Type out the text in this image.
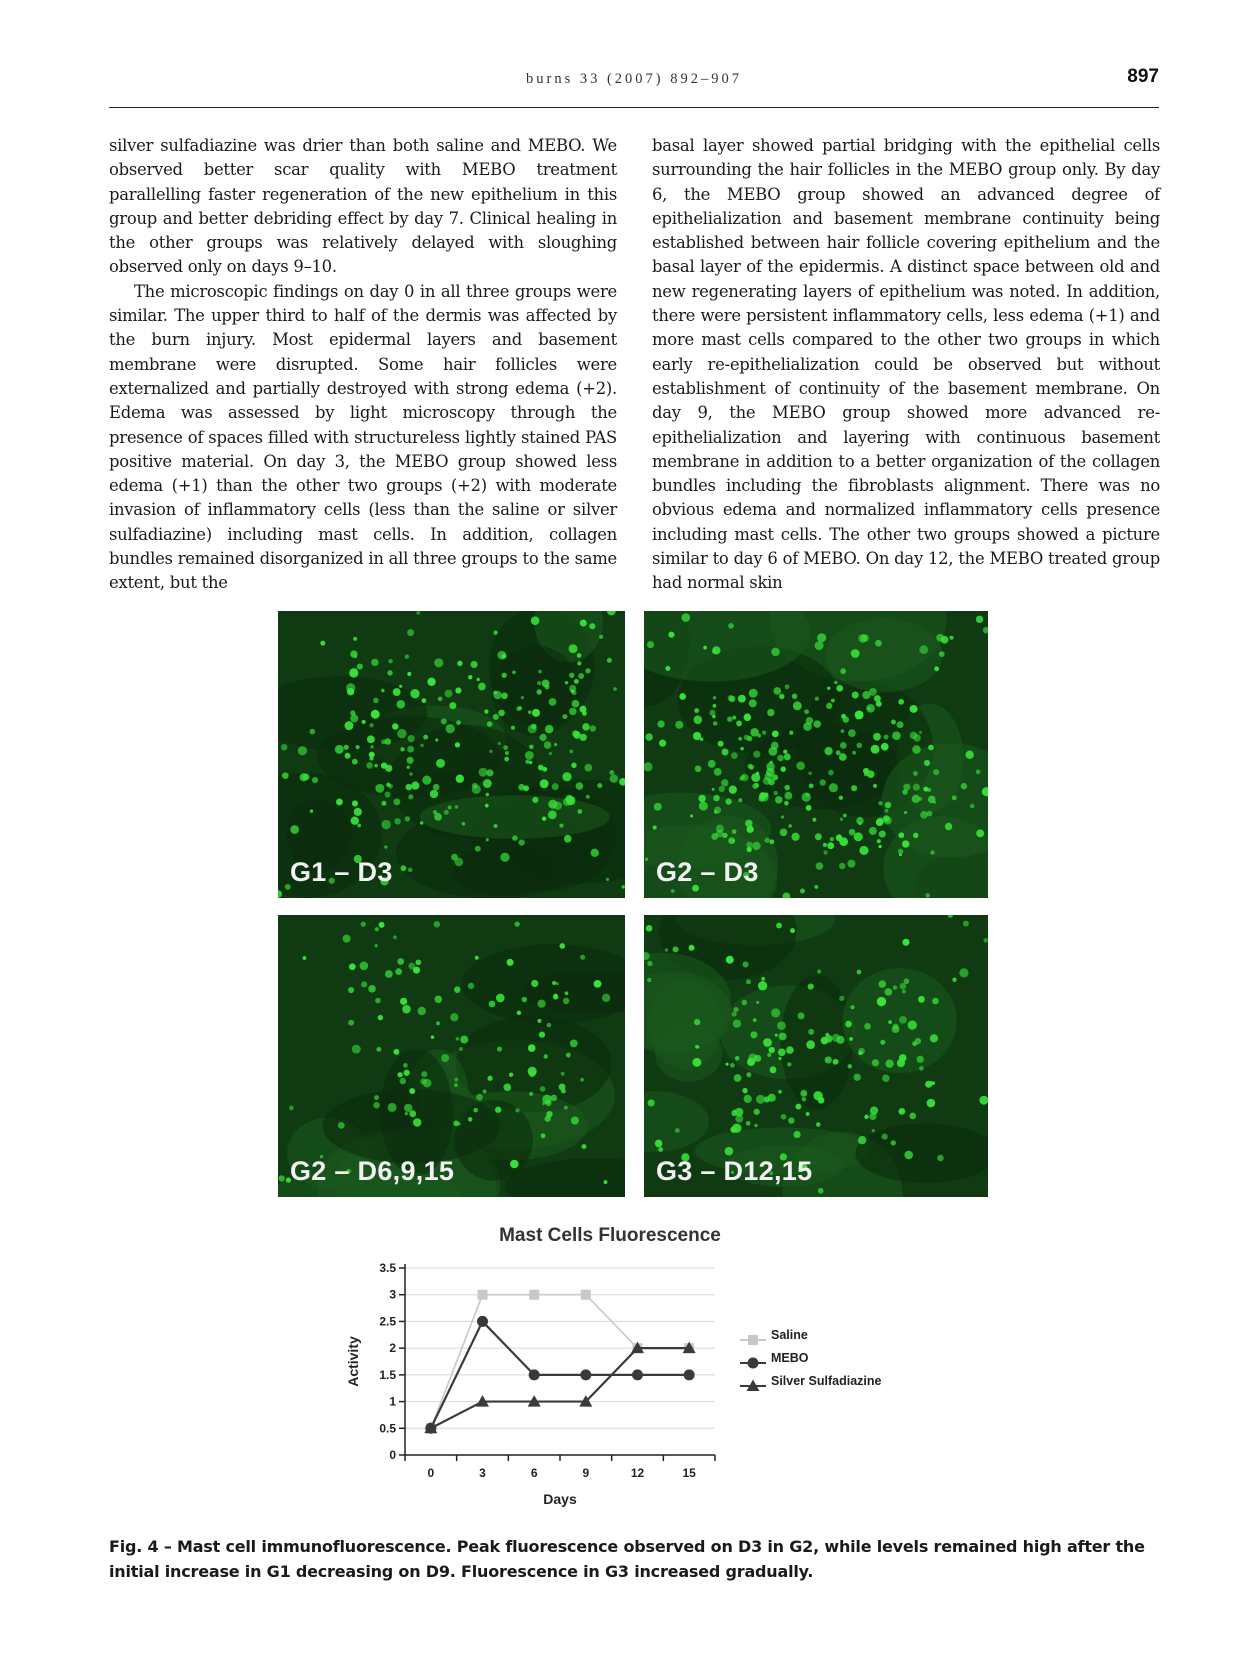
burns 33 (2007) 892–907	897

silver sulfadiazine was drier than both saline and MEBO. We observed better scar quality with MEBO treatment parallelling faster regeneration of the new epithelium in this group and better debriding effect by day 7. Clinical healing in the other groups was relatively delayed with sloughing observed only on days 9–10.

The microscopic findings on day 0 in all three groups were similar. The upper third to half of the dermis was affected by the burn injury. Most epidermal layers and basement membrane were disrupted. Some hair follicles were externalized and partially destroyed with strong edema (+2). Edema was assessed by light microscopy through the presence of spaces filled with structureless lightly stained PAS positive material. On day 3, the MEBO group showed less edema (+1) than the other two groups (+2) with moderate invasion of inflammatory cells (less than the saline or silver sulfadiazine) including mast cells. In addition, collagen bundles remained disorganized in all three groups to the same extent, but the

basal layer showed partial bridging with the epithelial cells surrounding the hair follicles in the MEBO group only. By day 6, the MEBO group showed an advanced degree of epithelialization and basement membrane continuity being established between hair follicle covering epithelium and the basal layer of the epidermis. A distinct space between old and new regenerating layers of epithelium was noted. In addition, there were persistent inflammatory cells, less edema (+1) and more mast cells compared to the other two groups in which early re-epithelialization could be observed but without establishment of continuity of the basement membrane. On day 9, the MEBO group showed more advanced re-epithelialization and layering with continuous basement membrane in addition to a better organization of the collagen bundles including the fibroblasts alignment. There was no obvious edema and normalized inflammatory cells presence including mast cells. The other two groups showed a picture similar to day 6 of MEBO. On day 12, the MEBO treated group had normal skin

G1 – D3	G2 – D3
G2 – D6,9,15	G3 – D12,15
Mast Cells Fluorescence
0
0.5
1
1.5
2
2.5
3
3.5
0	3	6	9	12	15
Days
Activity
Saline
MEBO
Silver Sulfadiazine
Fig. 4 – Mast cell immunofluorescence. Peak fluorescence observed on D3 in G2, while levels remained high after the initial increase in G1 decreasing on D9. Fluorescence in G3 increased gradually.
